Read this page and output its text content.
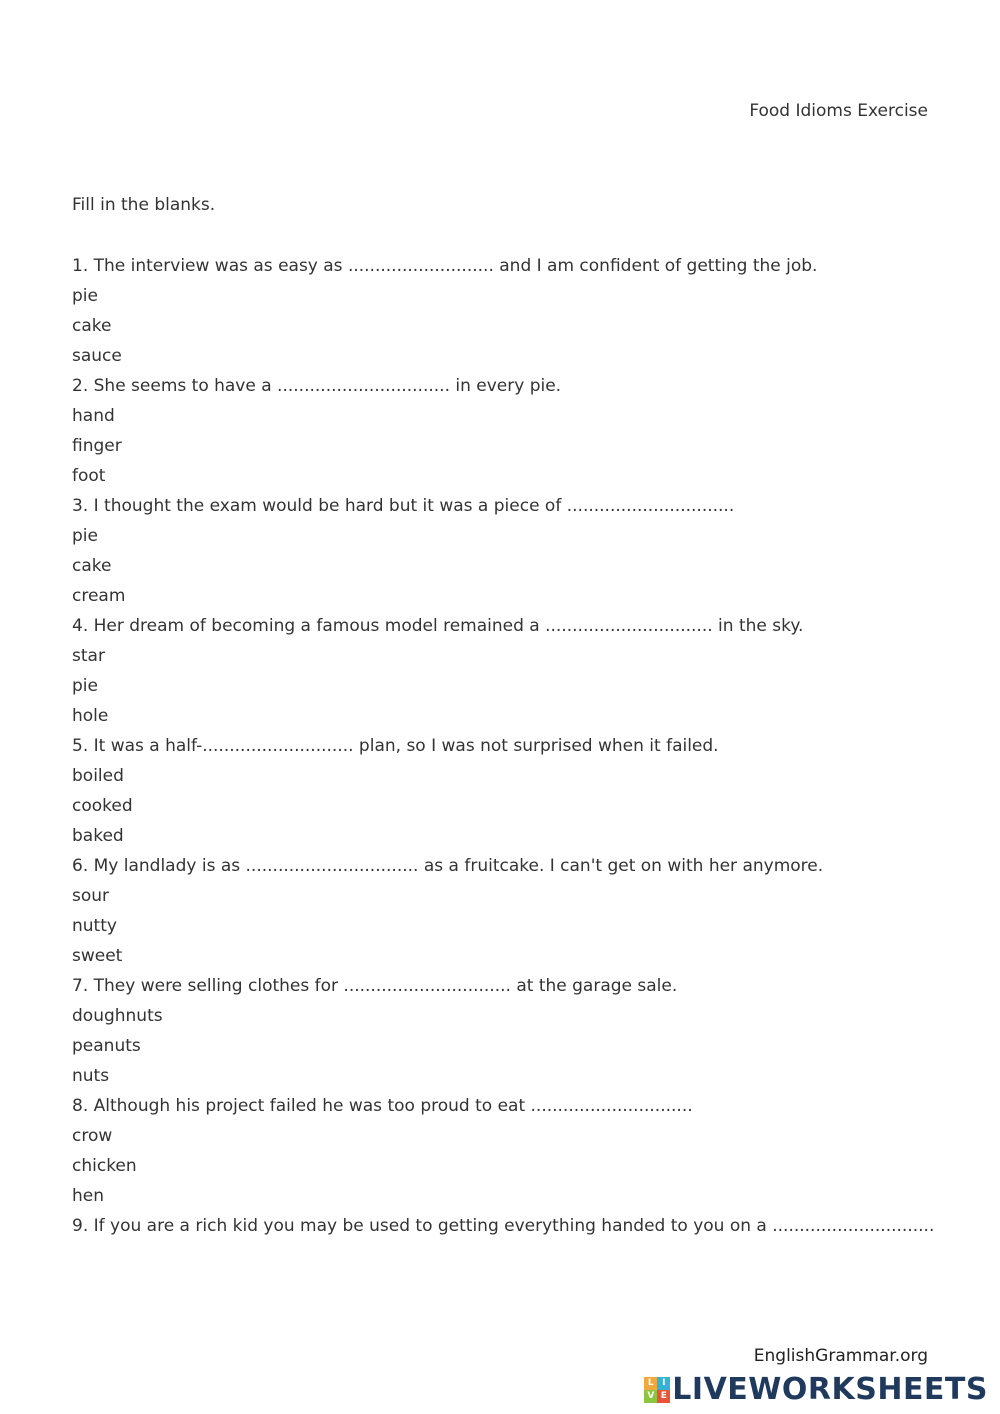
Food Idioms Exercise
Fill in the blanks.
1. The interview was as easy as ........................... and I am confident of getting the job.
pie
cake
sauce
2. She seems to have a ................................ in every pie.
hand
finger
foot
3. I thought the exam would be hard but it was a piece of ...............................
pie
cake
cream
4. Her dream of becoming a famous model remained a ............................... in the sky.
star
pie
hole
5. It was a half-............................ plan, so I was not surprised when it failed.
boiled
cooked
baked
6. My landlady is as ................................ as a fruitcake. I can't get on with her anymore.
sour
nutty
sweet
7. They were selling clothes for ............................... at the garage sale.
doughnuts
peanuts
nuts
8. Although his project failed he was too proud to eat ..............................
crow
chicken
hen
9. If you are a rich kid you may be used to getting everything handed to you on a ..............................
EnglishGrammar.org
L I
V E LIVEWORKSHEETS
